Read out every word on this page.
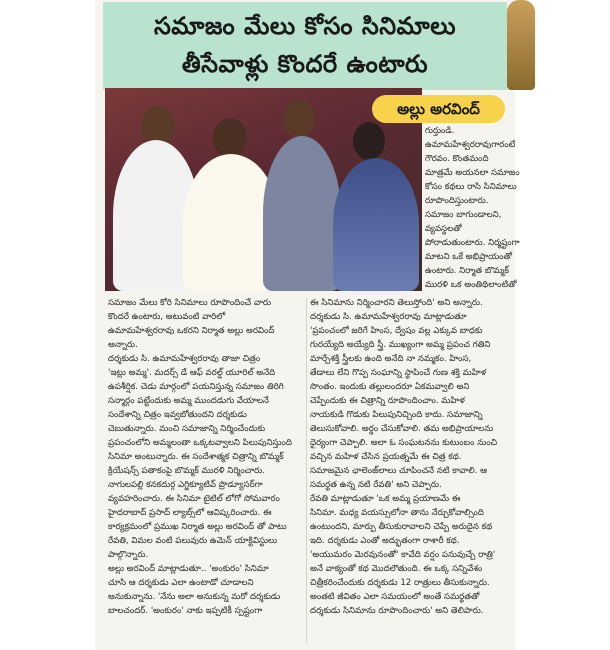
సమాజం మేలు కోసం సినిమాలు
తీసేవాళ్లు కొందరే ఉంటారు
అల్లు అరవింద్

గుర్తుండి.

ఉమామహేశ్వరరావుగారంటే

గౌరవం. కొంతమంది

మాత్రమే అయనలా సమాజం

కోసం కథలు రాసి సినిమాలు

రూపొందిస్తుంటారు.

సమాజం బాగుండాలని,

వ్యవస్థలతో

పోరాడుతుంటారు. నిర్మష్టంగా

మాటని ఒకే అభిప్రాయంతో

ఉంటారు. నిర్మాత బొమ్మక్

మురళి ఒక అంతిథిలాంటితో

సమాజం మేలు కోరి సినిమాలు రూపొందించే వారు

కొందరే ఉంటారు, అటువంటి వారిలో

ఉమామహేశ్వరరావు ఒకరని నిర్మాత అల్లు అరవింద్

అన్నారు.

దర్శకుడు సి. ఉమామహేశ్వరరావు తాజా చిత్రం

'ఇట్లు అమ్మ'. మదర్స్ డే ఆఫ్ వరల్డ్ యూరిల్ అనేది

ఉపశీర్షిక. చెడు మార్గంలో పయనిస్తున్న సమాజం తిరిగి

సన్మార్గం పట్టేందుకు అమ్మ ముందడుగు వేయాలనే

సందేశాన్ని చిత్రం ఇవ్వబోతుందని దర్శకుడు

చెబుతున్నారు. మంచి సమాజాన్ని నిర్మించేందుకు

ప్రపంచంలోని అమ్మలంతా ఒక్కటవ్వాలని పిలుపునిస్తుంది

సినిమా అంటున్నారు. ఈ సందేశాత్మక చిత్రాన్ని బొమ్మక్

క్రియేషన్స్ పతాకంపై బొమ్మక్ మురళి నిర్మించారు.

నాగులపల్లి కనకదుర్గ ఎగ్జిక్యూటివ్ ప్రొడ్యూసర్‌గా

వ్యవహరించారు. ఈ సినిమా టైటిల్ లోగో సోమవారం

హైదరాబాద్ ప్రసాద్ ల్యాబ్స్‌లో ఆవిష్కరించారు. ఈ

కార్యక్రమంలో ప్రముఖ నిర్మాత అల్లు అరవింద్ తో పాటు

రేవతి, విమల వంటి పలువురు ఉమెన్ యాక్టివిస్టులు

పాల్గొన్నారు.

అల్లు అరవింద్ మాట్లాడుతూ.. 'అంకురం' సినిమా

చూసి ఆ దర్శకుడు ఎలా ఉంటాడో చూడాలని

అనుకున్నాను. 'నేను అలా అనుకున్న మరో దర్శకుడు

బాలచందర్. 'అంకురం' నాకు ఇప్పటికీ స్పష్టంగా

ఈ సినిమాను నిర్మించారని తెలుస్తోంది' అని అన్నారు.

దర్శకుడు సి. ఉమామహేశ్వరరావు మాట్లాడుతూ

'ప్రపంచంలో జరిగే హింస, ద్వేషం వల్ల ఎక్కువ బాధకు

గురయ్యేది అయ్యేది స్త్రీ. ముఖ్యంగా అమ్మ ప్రపంచ గతిని

మార్చేశక్తి స్త్రీలకు ఉంది అనేది నా నమ్మకం. హింస,

తేడాలు లేని గొప్ప సంఘాన్ని స్థాపించే గుణ శక్తి మహిళ

సొంతం. ఇందుకు తల్లులందరూ ఏకమవ్వాలి అని

చెప్పేందుకు ఈ చిత్రాన్ని రూపొందించాం. మహిళ

నాయకుడి గొడుకు పిలుపునిచ్చింది కాదు. సమాజాన్ని

తెలుసుకోవాలి. అర్థం చేసుకోవాలి. తమ అభిప్రాయాలను

ధైర్యంగా చెప్పాలి. అలా ఓ సంఘటనను కుటుంబం నుంచి

వచ్చిన మహిళ చేసిన ప్రయత్నమే ఈ చిత్ర కథ.

సమాజమైన ఛాలెంజ్‌లాలు చూపించనే నటి కావాలి. ఆ

సమర్థత ఉన్న నటి రేవతి' అని చెప్పారు.

రేవతి మాట్లాడుతూ 'ఒక అమ్మ ప్రయాణమే ఈ

సినిమా. మధ్య వయస్సులోనా తాను నేర్చుకోవాల్సింది

ఉంటుందని, మార్పు తీసుకురావాలని చెప్పే అరుదైన కథ

ఇది. దర్శకుడు ఎంతో అద్భుతంగా రాశారీ కథ.

'అయుమరం మెరవునంతో' కావేది వర్షం పనువుచ్చే రాత్రి'

అనే వాక్యంతో కథ మొదలౌతుంది. ఈ ఒక్క సన్నివేశం

చిత్రీకరించేందుకు దర్శకుడు 12 రాత్రులు తీసుకున్నారు.

అంతటి జీవితం ఎలా సమయంలో అంతే సమర్థతతో

దర్శకుడు సినిమాను రూపొందించారు' అని తెలిపారు.
